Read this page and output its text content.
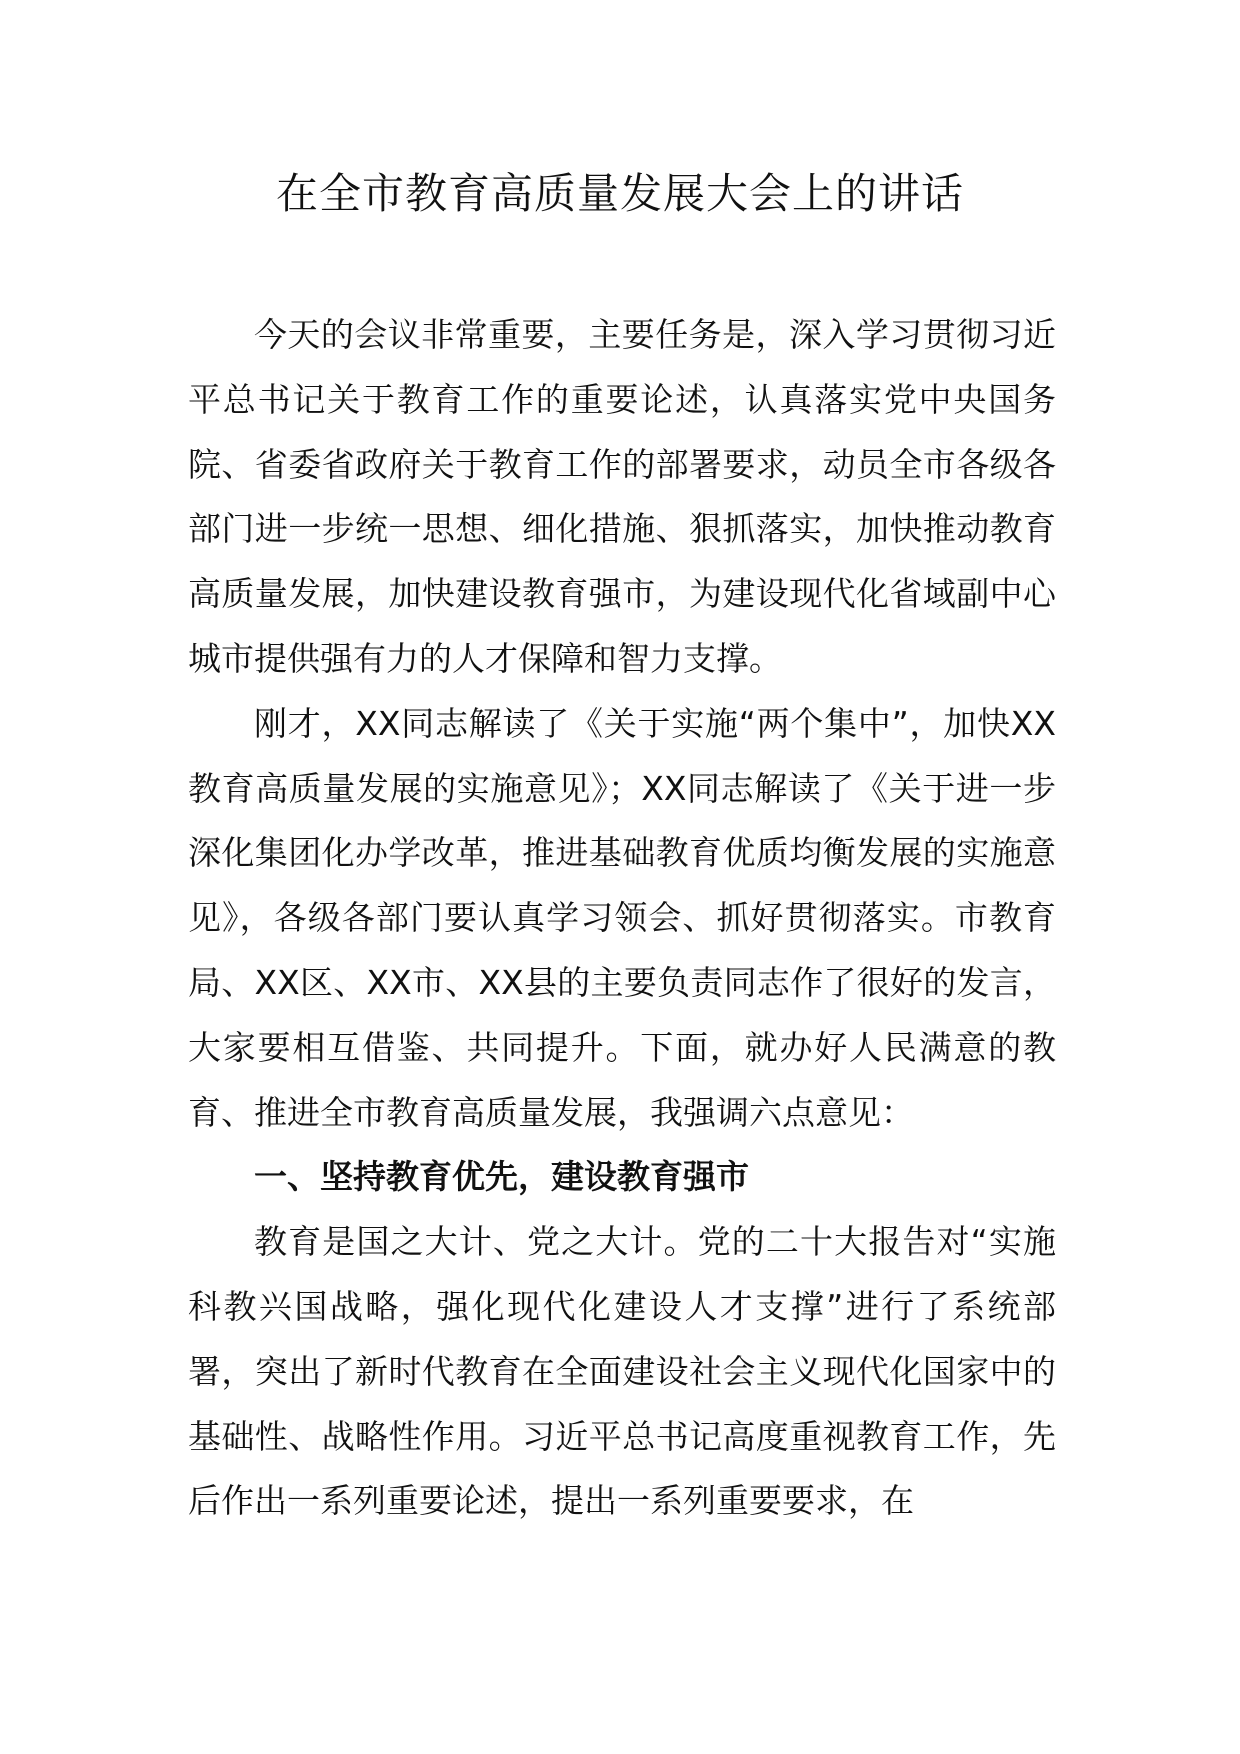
在全市教育高质量发展大会上的讲话

今天的会议非常重要，主要任务是，深入学习贯彻习近平总书记关于教育工作的重要论述，认真落实党中央国务院、省委省政府关于教育工作的部署要求，动员全市各级各部门进一步统一思想、细化措施、狠抓落实，加快推动教育高质量发展，加快建设教育强市，为建设现代化省域副中心城市提供强有力的人才保障和智力支撑。

刚才，XX同志解读了《关于实施“两个集中”，加快XX教育高质量发展的实施意见》；XX同志解读了《关于进一步深化集团化办学改革，推进基础教育优质均衡发展的实施意见》，各级各部门要认真学习领会、抓好贯彻落实。市教育局、XX区、XX市、XX县的主要负责同志作了很好的发言，大家要相互借鉴、共同提升。下面，就办好人民满意的教育、推进全市教育高质量发展，我强调六点意见：

一、坚持教育优先，建设教育强市

教育是国之大计、党之大计。党的二十大报告对“实施科教兴国战略，强化现代化建设人才支撑”进行了系统部署，突出了新时代教育在全面建设社会主义现代化国家中的基础性、战略性作用。习近平总书记高度重视教育工作，先后作出一系列重要论述，提出一系列重要要求，在
